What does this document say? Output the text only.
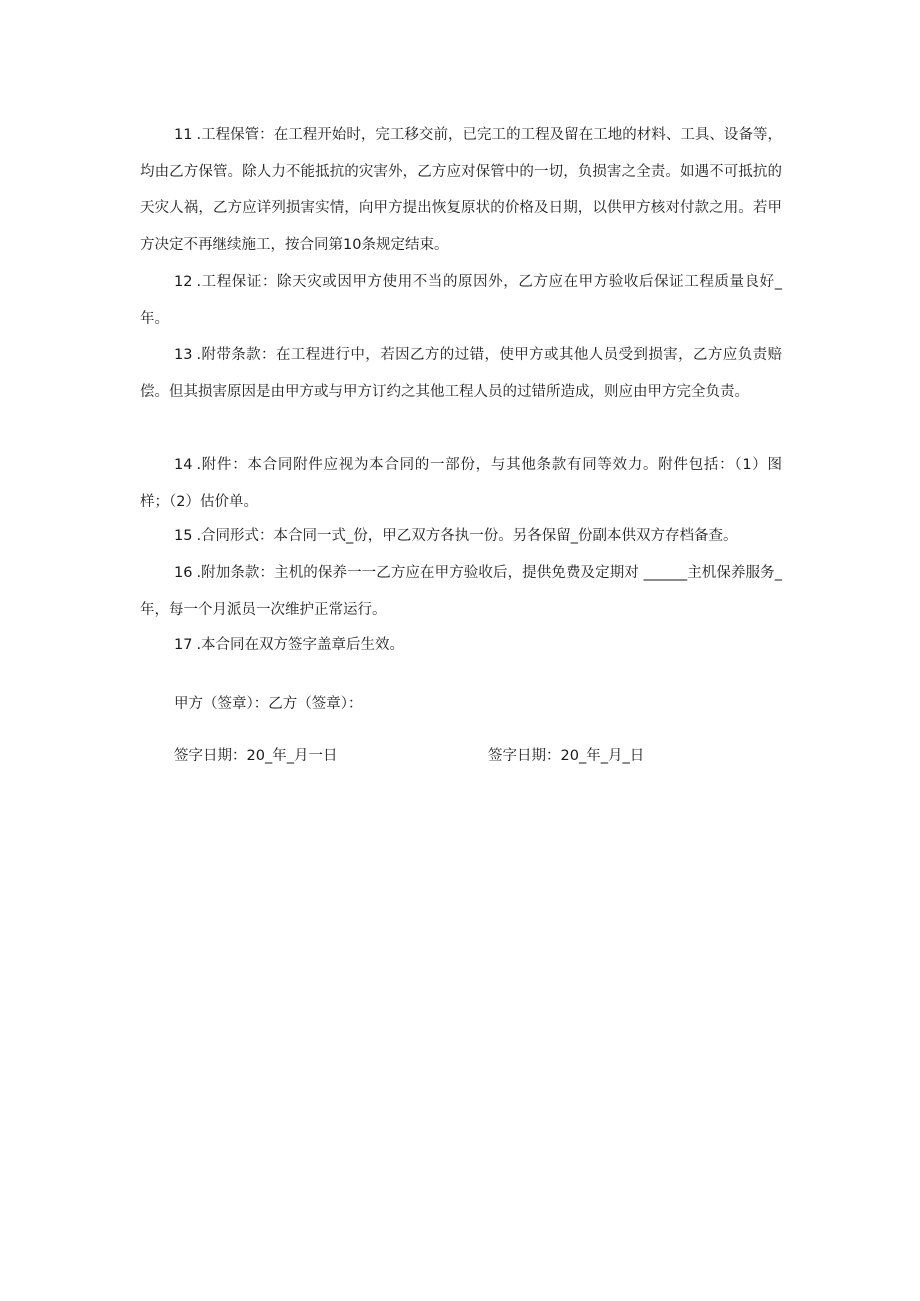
11 .工程保管：在工程开始时，完工移交前，已完工的工程及留在工地的材料、工具、设备等，均由乙方保管。除人力不能抵抗的灾害外，乙方应对保管中的一切，负损害之全责。如遇不可抵抗的天灾人祸，乙方应详列损害实情，向甲方提出恢复原状的价格及日期，以供甲方核对付款之用。若甲方决定不再继续施工，按合同第10条规定结束。

12 .工程保证：除天灾或因甲方使用不当的原因外，乙方应在甲方验收后保证工程质量良好_年。

13 .附带条款：在工程进行中，若因乙方的过错，使甲方或其他人员受到损害，乙方应负责赔偿。但其损害原因是由甲方或与甲方订约之其他工程人员的过错所造成，则应由甲方完全负责。

14 .附件：本合同附件应视为本合同的一部份，与其他条款有同等效力。附件包括：（1）图样；（2）估价单。

15 .合同形式：本合同一式_份，甲乙双方各执一份。另各保留_份副本供双方存档备查。

16 .附加条款：主机的保养一一乙方应在甲方验收后，提供免费及定期对 ______主机保养服务_年，每一个月派员一次维护正常运行。

17 .本合同在双方签字盖章后生效。

甲方（签章）：乙方（签章）：
签字日期：20_年_月一日	签字日期：20_年_月_日
